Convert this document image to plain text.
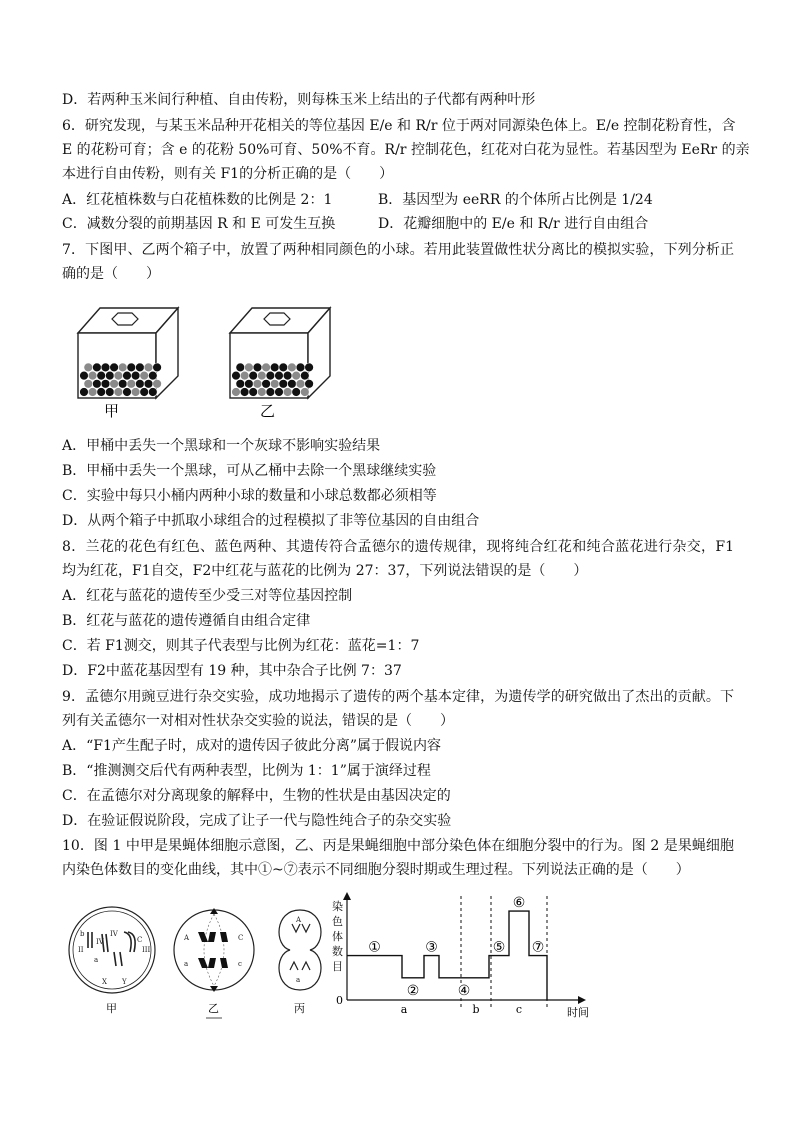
D．若两种玉米间行种植、自由传粉，则每株玉米上结出的子代都有两种叶形
6．研究发现，与某玉米品种开花相关的等位基因 E/e 和 R/r 位于两对同源染色体上。E/e 控制花粉育性，含
E 的花粉可育；含 e 的花粉 50%可育、50%不育。R/r 控制花色，红花对白花为显性。若基因型为 EeRr 的亲
本进行自由传粉，则有关 F1的分析正确的是（　　）
A．红花植株数与白花植株数的比例是 2：1	B．基因型为 eeRR 的个体所占比例是 1/24
C．减数分裂的前期基因 R 和 E 可发生互换	D．花瓣细胞中的 E/e 和 R/r 进行自由组合
7．下图甲、乙两个箱子中，放置了两种相同颜色的小球。若用此装置做性状分离比的模拟实验，下列分析正
确的是（　　）
甲	乙
A．甲桶中丢失一个黑球和一个灰球不影响实验结果
B．甲桶中丢失一个黑球，可从乙桶中去除一个黑球继续实验
C．实验中每只小桶内两种小球的数量和小球总数都必须相等
D．从两个箱子中抓取小球组合的过程模拟了非等位基因的自由组合
8．兰花的花色有红色、蓝色两种、其遗传符合孟德尔的遗传规律，现将纯合红花和纯合蓝花进行杂交，F1
均为红花，F1自交，F2中红花与蓝花的比例为 27：37，下列说法错误的是（　　）
A．红花与蓝花的遗传至少受三对等位基因控制
B．红花与蓝花的遗传遵循自由组合定律
C．若 F1测交，则其子代表型与比例为红花：蓝花=1：7
D．F2中蓝花基因型有 19 种，其中杂合子比例 7：37
9．孟德尔用豌豆进行杂交实验，成功地揭示了遗传的两个基本定律，为遗传学的研究做出了杰出的贡献。下
列有关孟德尔一对相对性状杂交实验的说法，错误的是（　　）
A．“F1产生配子时，成对的遗传因子彼此分离”属于假说内容
B．“推测测交后代有两种表型，比例为 1：1”属于演绎过程
C．在孟德尔对分离现象的解释中，生物的性状是由基因决定的
D．在验证假说阶段，完成了让子一代与隐性纯合子的杂交实验
10．图 1 中甲是果蝇体细胞示意图，乙、丙是果蝇细胞中部分染色体在细胞分裂中的行为。图 2 是果蝇细胞
内染色体数目的变化曲线，其中①~⑦表示不同细胞分裂时期或生理过程。下列说法正确的是（　　）
b
II
IV
IV
C
III
a
X Y
甲
A	C
a	c
乙
A
a
丙
染
色
体
数
目
0
时间
a	b	c
①
②
③
④
⑤
⑥
⑦
